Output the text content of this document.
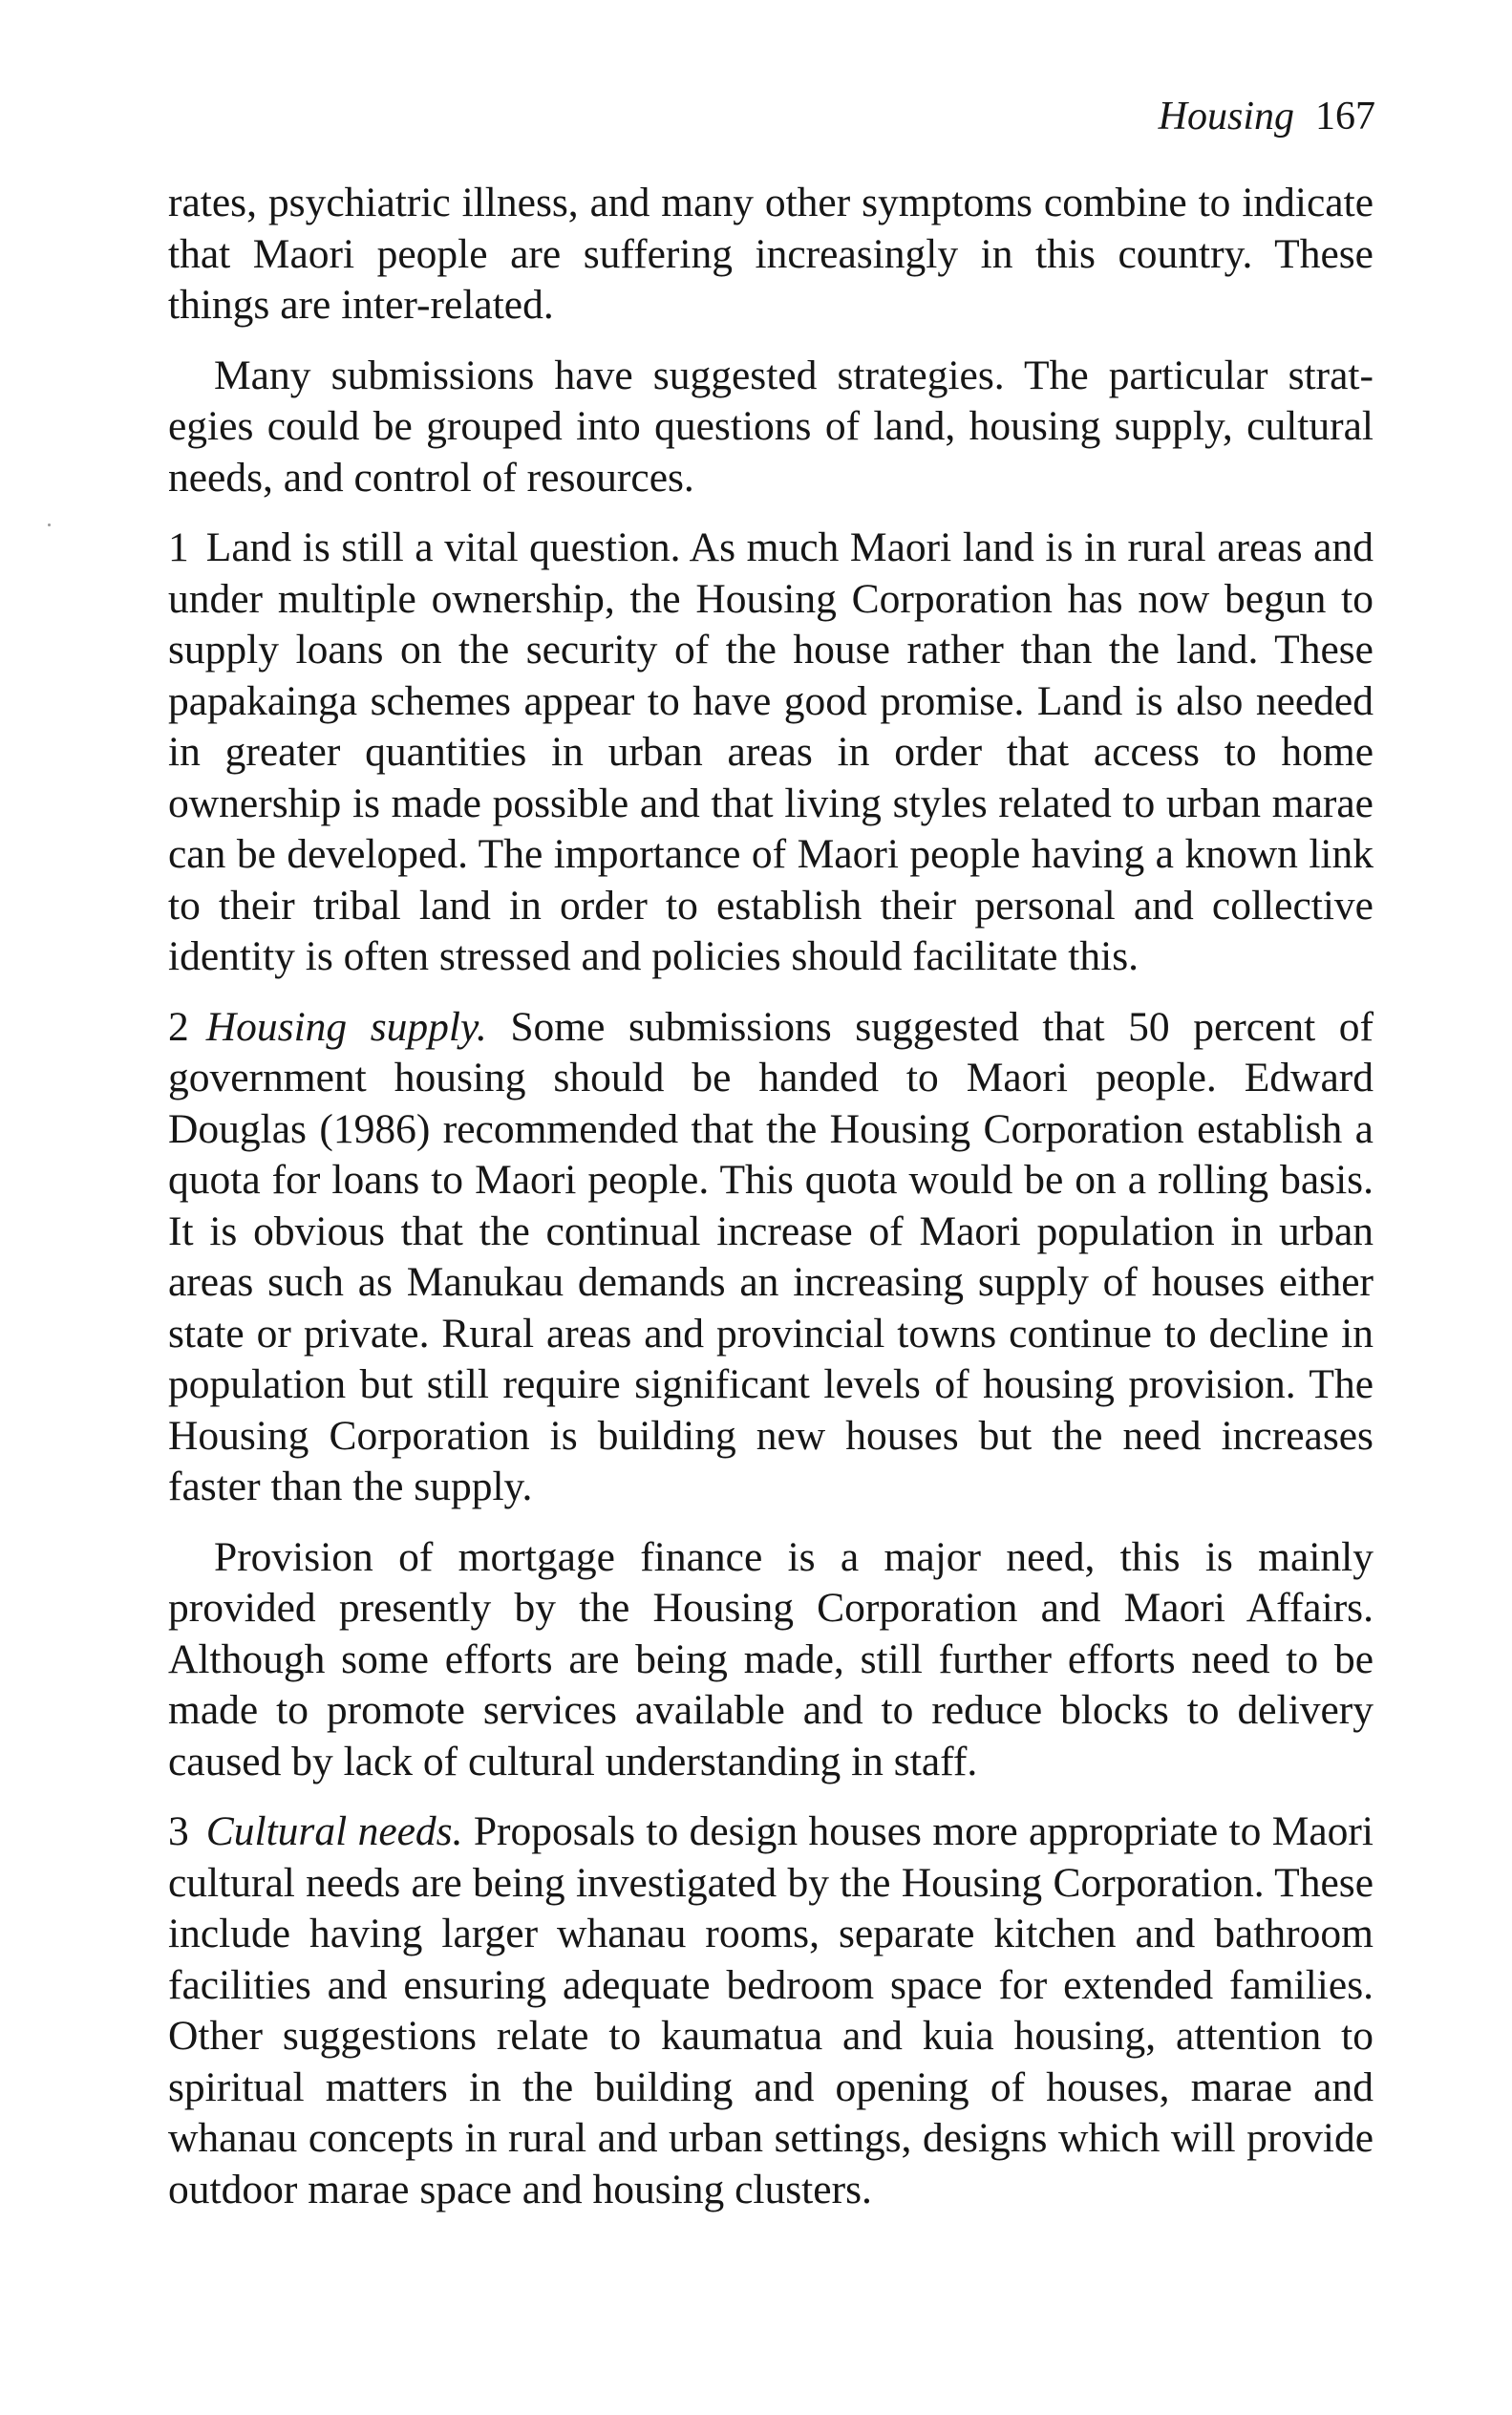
Housing 167

rates, psychiatric illness, and many other symptoms combine to indicate that Maori people are suffering increasingly in this country. These things are inter-related.

Many submissions have suggested strategies. The particular strategies could be grouped into questions of land, housing supply, cultural needs, and control of resources.

1 Land is still a vital question. As much Maori land is in rural areas and under multiple ownership, the Housing Corporation has now begun to supply loans on the security of the house rather than the land. These papakainga schemes appear to have good promise. Land is also needed in greater quantities in urban areas in order that access to home ownership is made possible and that living styles related to urban marae can be developed. The importance of Maori people having a known link to their tribal land in order to establish their personal and collective identity is often stressed and policies should facilitate this.

2 Housing supply. Some submissions suggested that 50 percent of government housing should be handed to Maori people. Edward Douglas (1986) recommended that the Housing Corporation establish a quota for loans to Maori people. This quota would be on a rolling basis. It is obvious that the continual increase of Maori population in urban areas such as Manukau demands an increasing supply of houses either state or private. Rural areas and provincial towns continue to decline in population but still require significant levels of housing provision. The Housing Corporation is building new houses but the need increases faster than the supply.

Provision of mortgage finance is a major need, this is mainly provided presently by the Housing Corporation and Maori Affairs. Although some efforts are being made, still further efforts need to be made to promote services available and to reduce blocks to delivery caused by lack of cultural understanding in staff.

3 Cultural needs. Proposals to design houses more appropriate to Maori cultural needs are being investigated by the Housing Corporation. These include having larger whanau rooms, separate kitchen and bathroom facilities and ensuring adequate bedroom space for extended families. Other suggestions relate to kaumatua and kuia housing, attention to spiritual matters in the building and opening of houses, marae and whanau concepts in rural and urban settings, designs which will provide outdoor marae space and housing clusters.
